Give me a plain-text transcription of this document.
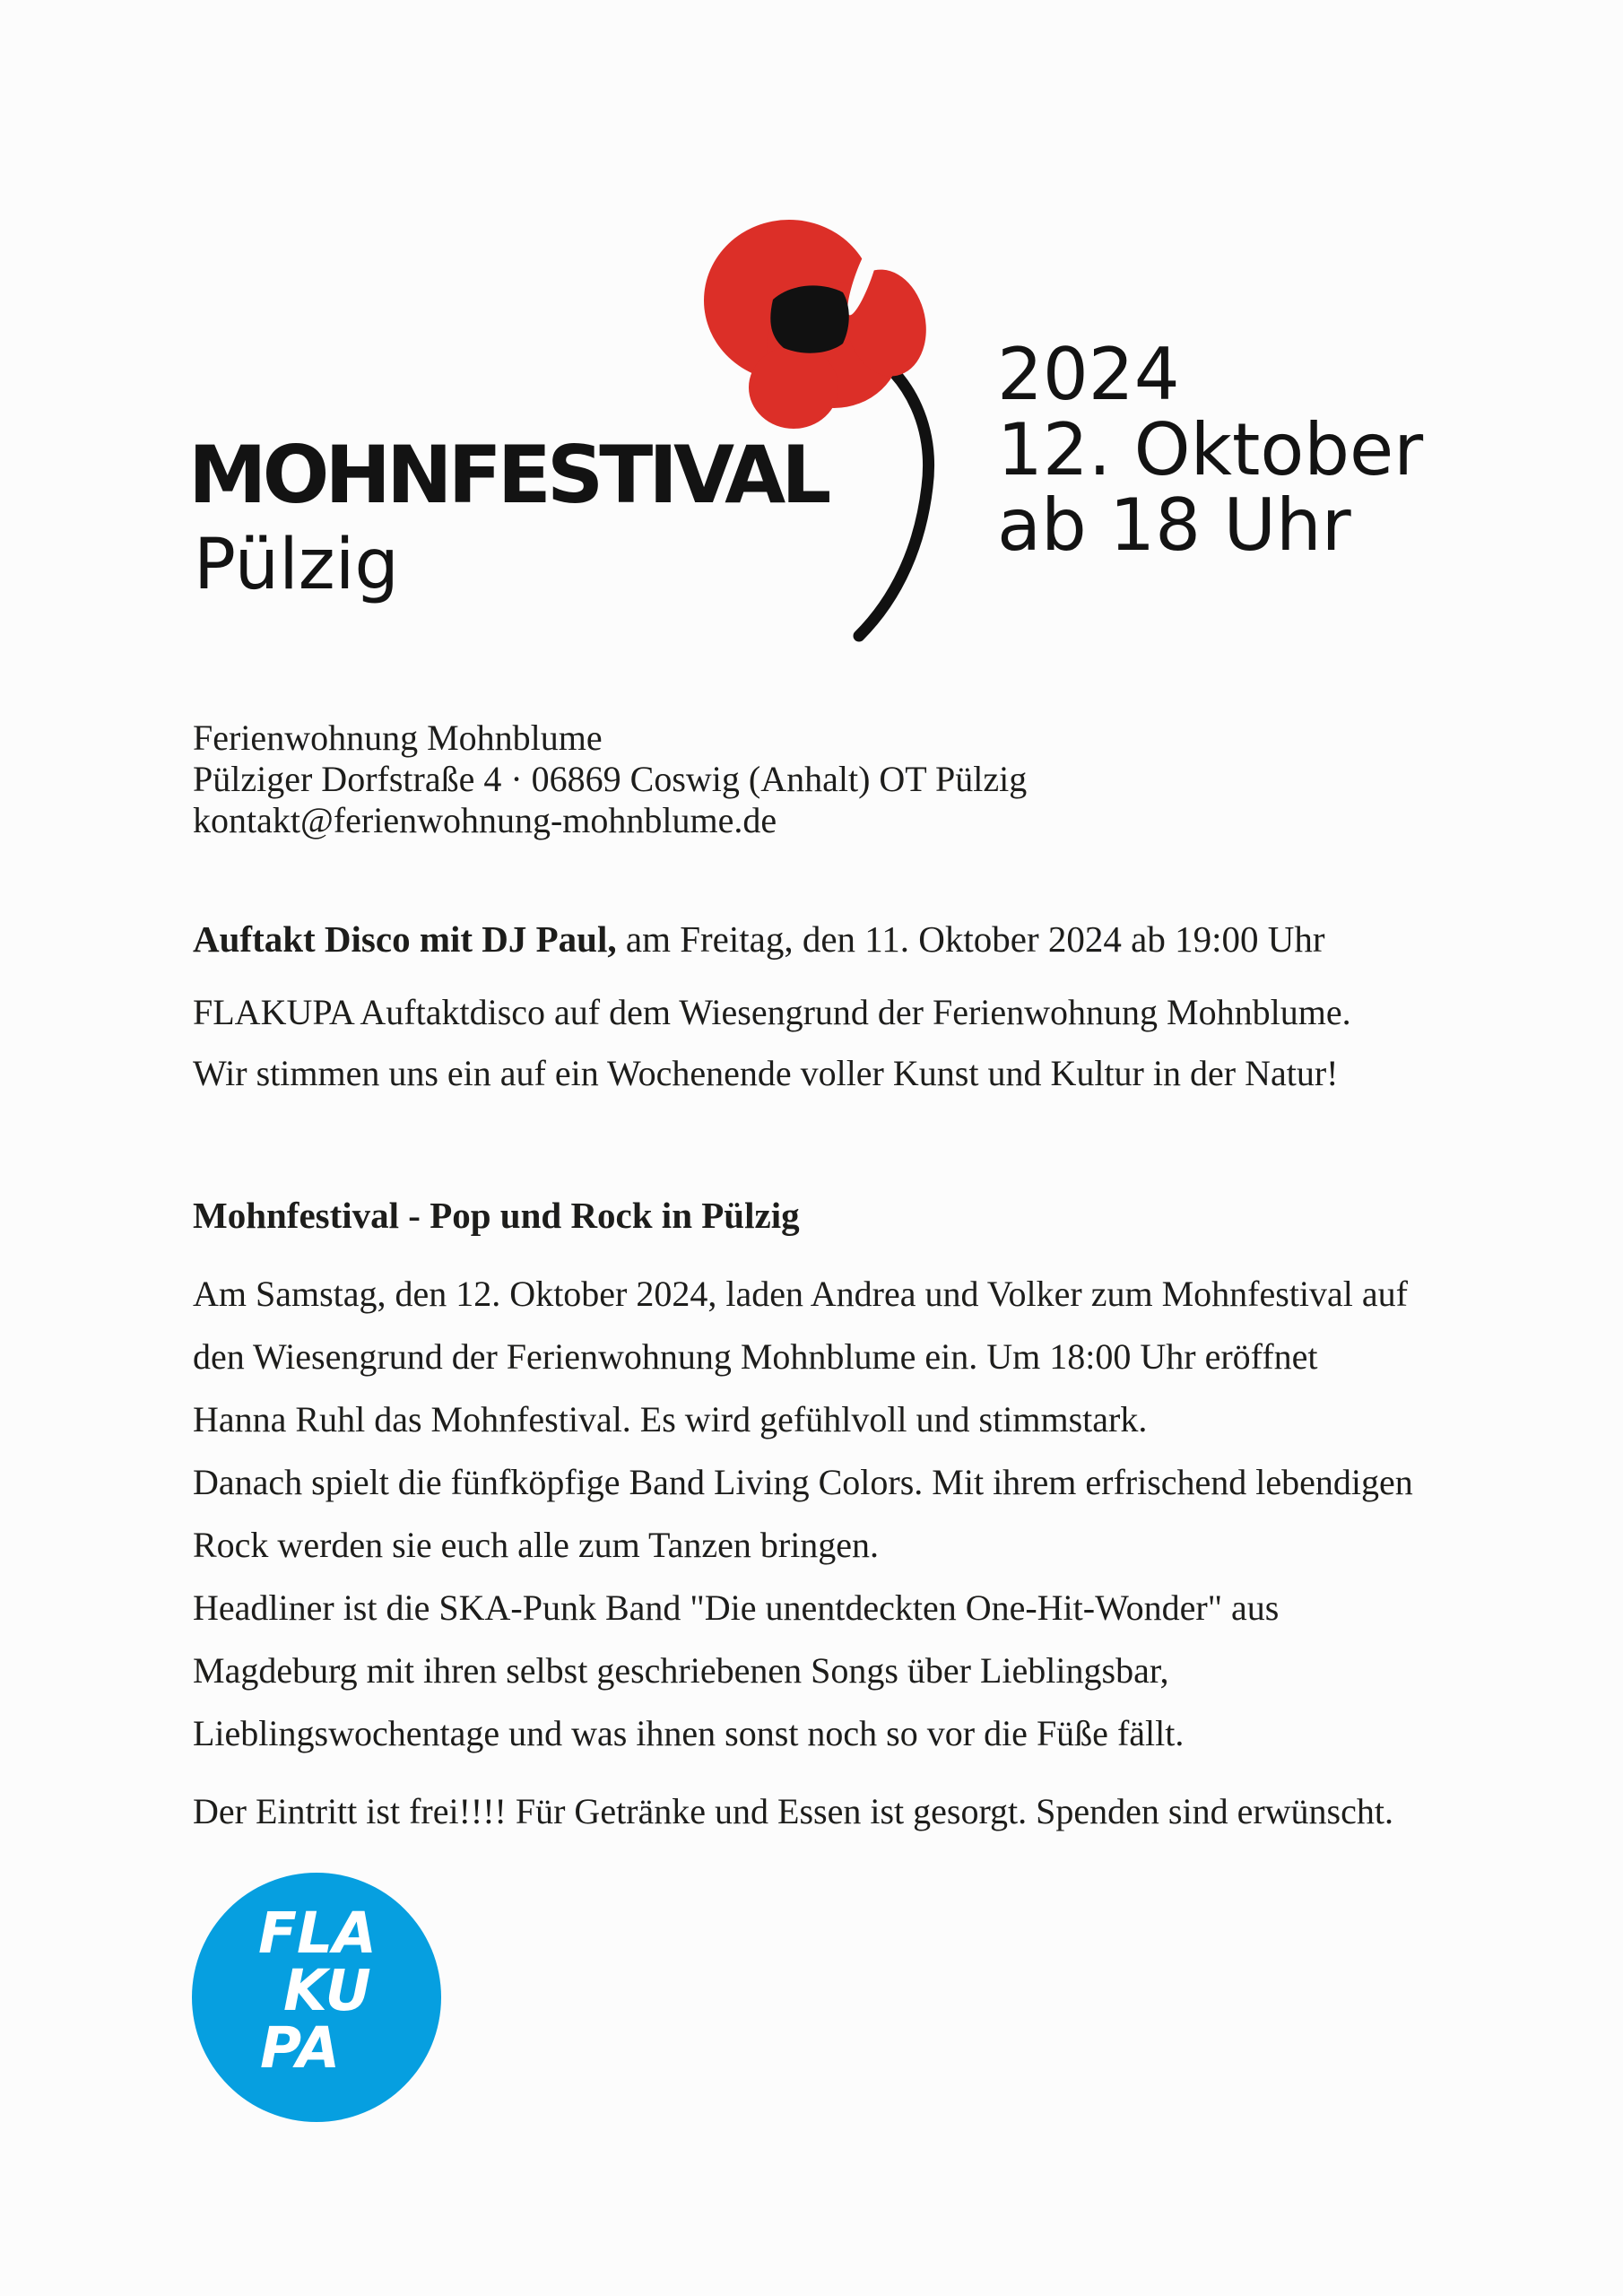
MOHNFESTIVAL
Pülzig
2024
12. Oktober
ab 18 Uhr
Ferienwohnung Mohnblume
Pülziger Dorfstraße 4 · 06869 Coswig (Anhalt) OT Pülzig
kontakt@ferienwohnung-mohnblume.de
Auftakt Disco mit DJ Paul, am Freitag, den 11. Oktober 2024 ab 19:00 Uhr
FLAKUPA Auftaktdisco auf dem Wiesengrund der Ferienwohnung Mohnblume.
Wir stimmen uns ein auf ein Wochenende voller Kunst und Kultur in der Natur!
Mohnfestival - Pop und Rock in Pülzig
Am Samstag, den 12. Oktober 2024, laden Andrea und Volker zum Mohnfestival auf
den Wiesengrund der Ferienwohnung Mohnblume ein. Um 18:00 Uhr eröffnet
Hanna Ruhl das Mohnfestival. Es wird gefühlvoll und stimmstark.
Danach spielt die fünfköpfige Band Living Colors. Mit ihrem erfrischend lebendigen
Rock werden sie euch alle zum Tanzen bringen.
Headliner ist die SKA-Punk Band "Die unentdeckten One-Hit-Wonder" aus
Magdeburg mit ihren selbst geschriebenen Songs über Lieblingsbar,
Lieblingswochentage und was ihnen sonst noch so vor die Füße fällt.
Der Eintritt ist frei!!!! Für Getränke und Essen ist gesorgt. Spenden sind erwünscht.
FLA
KU
PA
